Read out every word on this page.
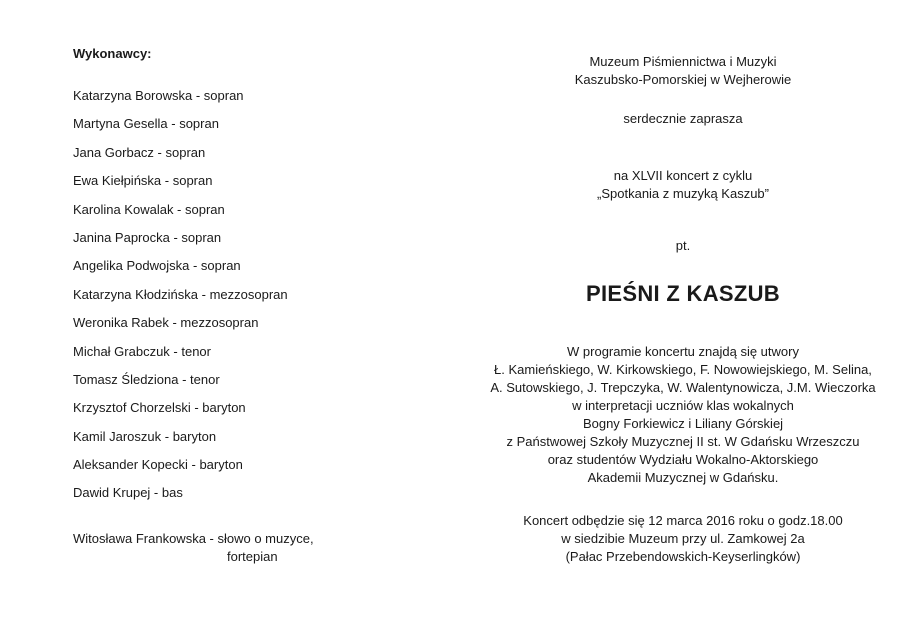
Wykonawcy:

Katarzyna Borowska - sopran
Martyna Gesella - sopran
Jana Gorbacz - sopran
Ewa Kiełpińska - sopran
Karolina Kowalak - sopran
Janina Paprocka - sopran
Angelika Podwojska - sopran
Katarzyna Kłodzińska - mezzosopran
Weronika Rabek - mezzosopran
Michał Grabczuk - tenor
Tomasz Śledziona - tenor
Krzysztof Chorzelski - baryton
Kamil Jaroszuk - baryton
Aleksander Kopecki - baryton
Dawid Krupej - bas
Witosława Frankowska - słowo o muzyce,
fortepian
Muzeum Piśmiennictwa i Muzyki
Kaszubsko-Pomorskiej w Wejherowie
serdecznie zaprasza
na XLVII koncert z cyklu
„Spotkania z muzyką Kaszub”
pt.
PIEŚNI Z KASZUB
W programie koncertu znajdą się utwory
Ł. Kamieńskiego, W. Kirkowskiego, F. Nowowiejskiego, M. Selina,
A. Sutowskiego, J. Trepczyka, W. Walentynowicza, J.M. Wieczorka
w interpretacji uczniów klas wokalnych
Bogny Forkiewicz i Liliany Górskiej
z Państwowej Szkoły Muzycznej II st. W Gdańsku Wrzeszczu
oraz studentów Wydziału Wokalno-Aktorskiego
Akademii Muzycznej w Gdańsku.
Koncert odbędzie się 12 marca 2016 roku o godz.18.00
w siedzibie Muzeum przy ul. Zamkowej 2a
(Pałac Przebendowskich-Keyserlingków)
